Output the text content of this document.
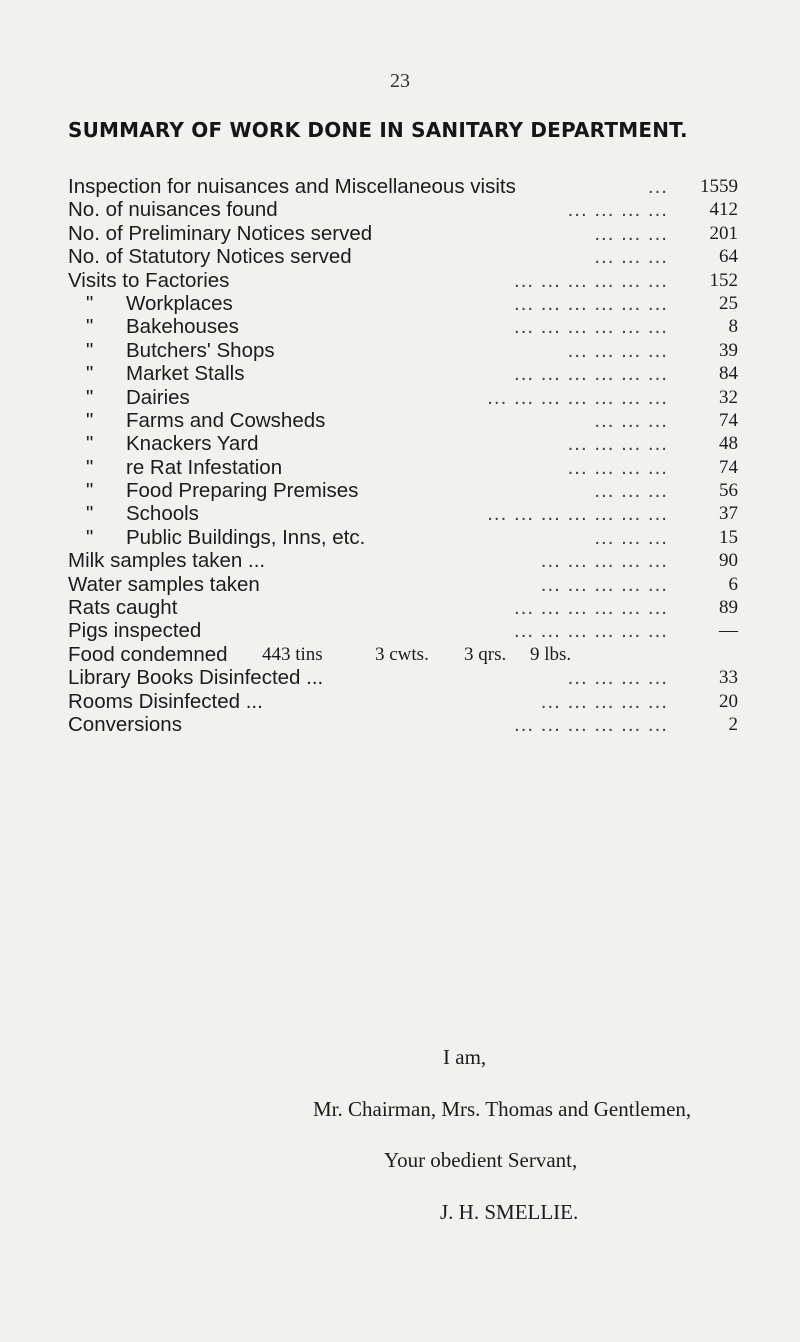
23
SUMMARY OF WORK DONE IN SANITARY DEPARTMENT.
Inspection for nuisances and Miscellaneous visits	...	1559
No. of nuisances found	... ... ... ...	412
No. of Preliminary Notices served	... ... ...	201
No. of Statutory Notices served	... ... ...	64
Visits to Factories	... ... ... ... ... ...	152
" Workplaces	... ... ... ... ... ...	25
" Bakehouses	... ... ... ... ... ...	8
" Butchers' Shops	... ... ... ...	39
" Market Stalls	... ... ... ... ... ...	84
" Dairies	... ... ... ... ... ... ...	32
" Farms and Cowsheds	... ... ...	74
" Knackers Yard	... ... ... ...	48
" re Rat Infestation	... ... ... ...	74
" Food Preparing Premises	... ... ...	56
" Schools	... ... ... ... ... ... ...	37
" Public Buildings, Inns, etc.	... ... ...	15
Milk samples taken ...	... ... ... ... ...	90
Water samples taken	... ... ... ... ...	6
Rats caught	... ... ... ... ... ...	89
Pigs inspected	... ... ... ... ... ...	—
Food condemned 443 tins	3 cwts. 3 qrs. 9 lbs.
Library Books Disinfected ...	... ... ... ...	33
Rooms Disinfected ...	... ... ... ... ...	20
Conversions	... ... ... ... ... ...	2
I am,
Mr. Chairman, Mrs. Thomas and Gentlemen,
Your obedient Servant,
J. H. SMELLIE.
